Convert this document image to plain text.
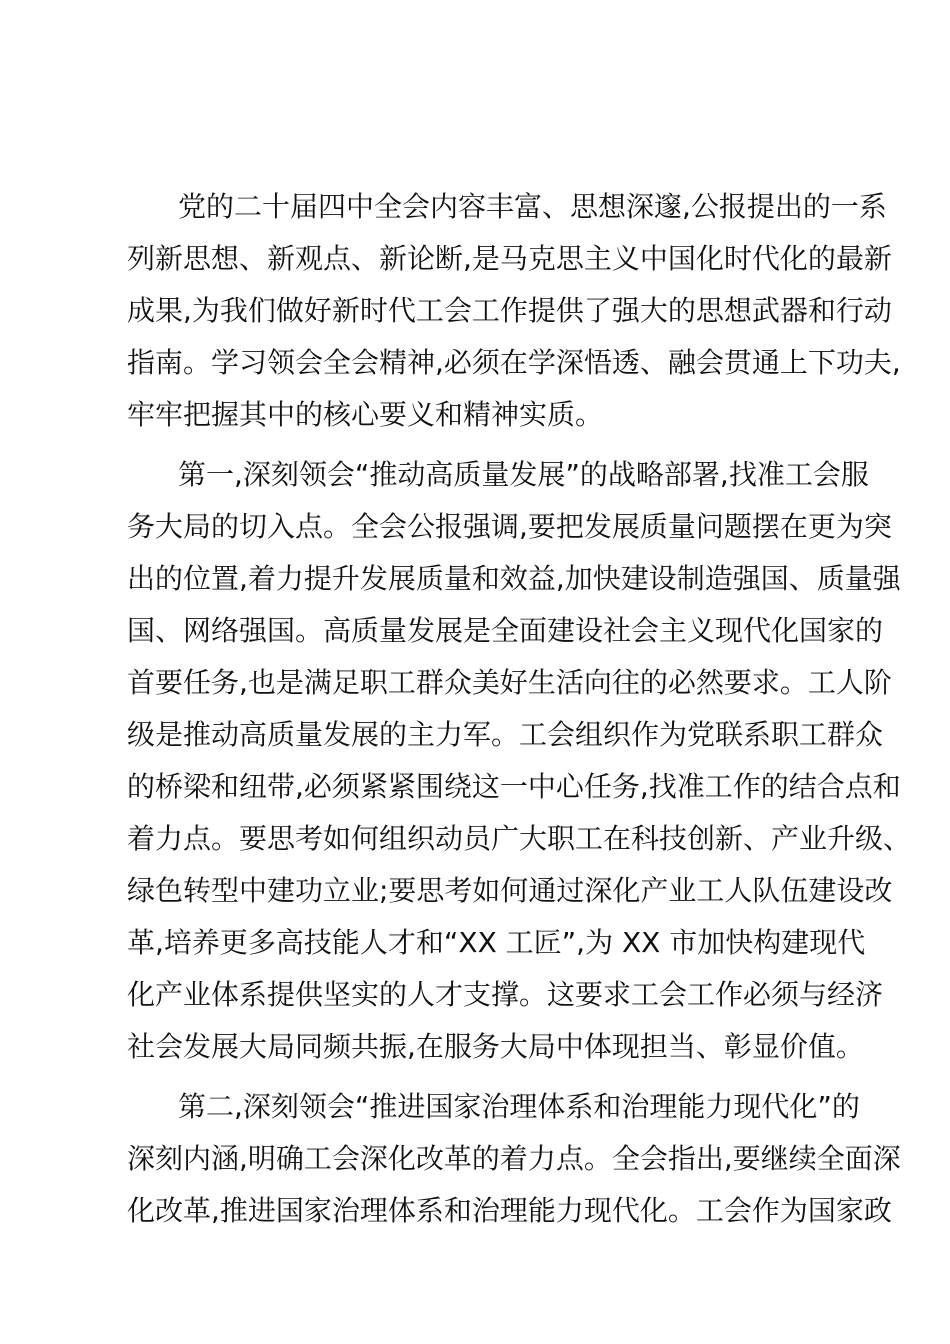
党的二十届四中全会内容丰富、思想深邃,公报提出的一系
列新思想、新观点、新论断,是马克思主义中国化时代化的最新
成果,为我们做好新时代工会工作提供了强大的思想武器和行动
指南。学习领会全会精神,必须在学深悟透、融会贯通上下功夫,
牢牢把握其中的核心要义和精神实质。
第一,深刻领会“推动高质量发展”的战略部署,找准工会服
务大局的切入点。全会公报强调,要把发展质量问题摆在更为突
出的位置,着力提升发展质量和效益,加快建设制造强国、质量强
国、网络强国。高质量发展是全面建设社会主义现代化国家的
首要任务,也是满足职工群众美好生活向往的必然要求。工人阶
级是推动高质量发展的主力军。工会组织作为党联系职工群众
的桥梁和纽带,必须紧紧围绕这一中心任务,找准工作的结合点和
着力点。要思考如何组织动员广大职工在科技创新、产业升级、
绿色转型中建功立业;要思考如何通过深化产业工人队伍建设改
革,培养更多高技能人才和“XX 工匠”,为 XX 市加快构建现代
化产业体系提供坚实的人才支撑。这要求工会工作必须与经济
社会发展大局同频共振,在服务大局中体现担当、彰显价值。
第二,深刻领会“推进国家治理体系和治理能力现代化”的
深刻内涵,明确工会深化改革的着力点。全会指出,要继续全面深
化改革,推进国家治理体系和治理能力现代化。工会作为国家政
